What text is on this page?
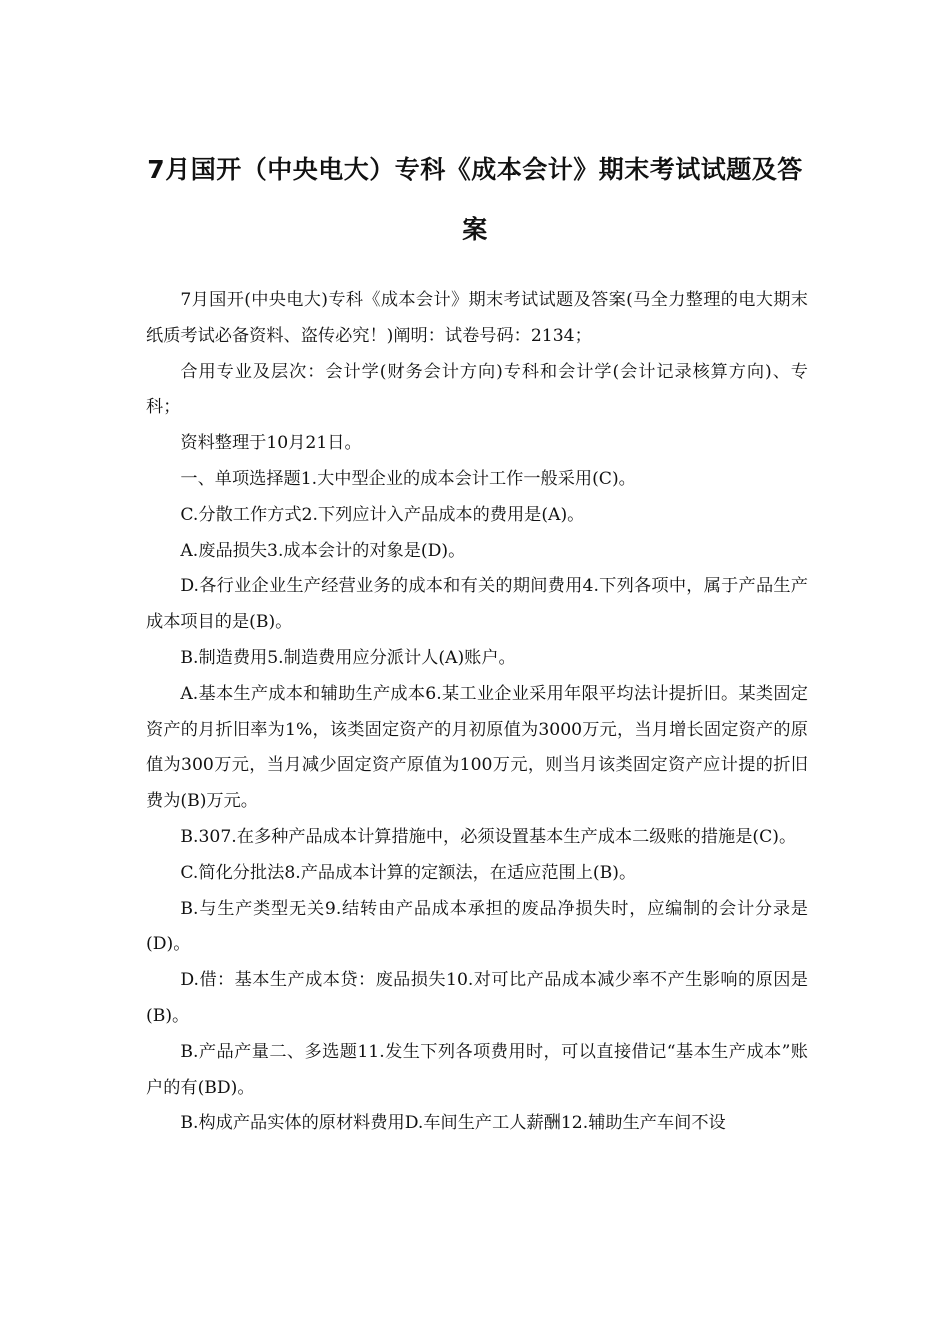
7月国开（中央电大）专科《成本会计》期末考试试题及答案

7月国开(中央电大)专科《成本会计》期末考试试题及答案(马全力整理的电大期末纸质考试必备资料、盗传必究！)阐明：试卷号码：2134；

合用专业及层次：会计学(财务会计方向)专科和会计学(会计记录核算方向)、专科；

资料整理于10月21日。

一、单项选择题1.大中型企业的成本会计工作一般采用(C)。

C.分散工作方式2.下列应计入产品成本的费用是(A)。

A.废品损失3.成本会计的对象是(D)。

D.各行业企业生产经营业务的成本和有关的期间费用4.下列各项中，属于产品生产成本项目的是(B)。

B.制造费用5.制造费用应分派计人(A)账户。

A.基本生产成本和辅助生产成本6.某工业企业采用年限平均法计提折旧。某类固定资产的月折旧率为1%，该类固定资产的月初原值为3000万元，当月增长固定资产的原值为300万元，当月减少固定资产原值为100万元，则当月该类固定资产应计提的折旧费为(B)万元。

B.307.在多种产品成本计算措施中，必须设置基本生产成本二级账的措施是(C)。

C.简化分批法8.产品成本计算的定额法，在适应范围上(B)。

B.与生产类型无关9.结转由产品成本承担的废品净损失时，应编制的会计分录是(D)。

D.借：基本生产成本贷：废品损失10.对可比产品成本减少率不产生影响的原因是(B)。

B.产品产量二、多选题11.发生下列各项费用时，可以直接借记“基本生产成本”账户的有(BD)。

B.构成产品实体的原材料费用D.车间生产工人薪酬12.辅助生产车间不设
